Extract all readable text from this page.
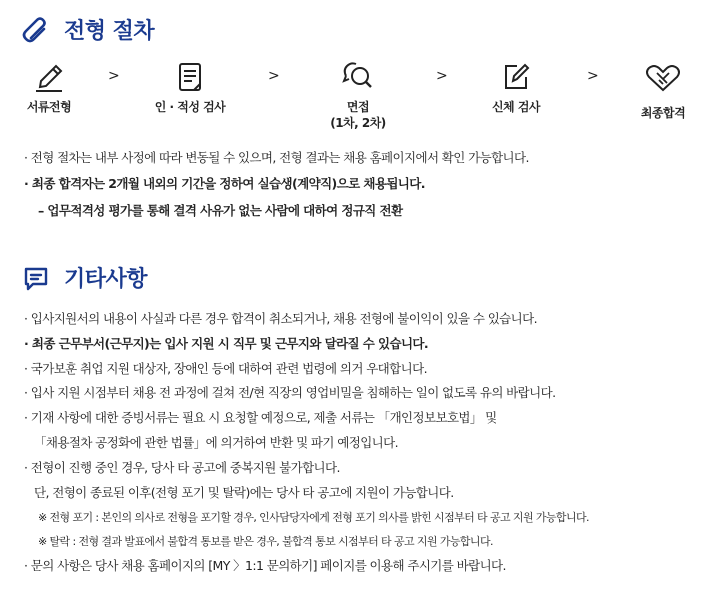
전형 절차
서류전형
>
인 · 적성 검사
>
면접
(1차, 2차)
>
신체 검사
>
최종합격
· 전형 절차는 내부 사정에 따라 변동될 수 있으며, 전형 결과는 채용 홈페이지에서 확인 가능합니다.
· 최종 합격자는 2개월 내외의 기간을 정하여 실습생(계약직)으로 채용됩니다.
– 업무적격성 평가를 통해 결격 사유가 없는 사람에 대하여 정규직 전환
기타사항
· 입사지원서의 내용이 사실과 다른 경우 합격이 취소되거나, 채용 전형에 불이익이 있을 수 있습니다.
· 최종 근무부서(근무지)는 입사 지원 시 직무 및 근무지와 달라질 수 있습니다.
· 국가보훈 취업 지원 대상자, 장애인 등에 대하여 관련 법령에 의거 우대합니다.
· 입사 지원 시점부터 채용 전 과정에 걸쳐 전/현 직장의 영업비밀을 침해하는 일이 없도록 유의 바랍니다.
· 기재 사항에 대한 증빙서류는 필요 시 요청할 예정으로, 제출 서류는 「개인정보보호법」 및
「채용절차 공정화에 관한 법률」에 의거하여 반환 및 파기 예정입니다.
· 전형이 진행 중인 경우, 당사 타 공고에 중복지원 불가합니다.
단, 전형이 종료된 이후(전형 포기 및 탈락)에는 당사 타 공고에 지원이 가능합니다.
※ 전형 포기 : 본인의 의사로 전형을 포기할 경우, 인사담당자에게 전형 포기 의사를 밝힌 시점부터 타 공고 지원 가능합니다.
※ 탈락 : 전형 결과 발표에서 불합격 통보를 받은 경우, 불합격 통보 시점부터 타 공고 지원 가능합니다.
· 문의 사항은 당사 채용 홈페이지의 [MY 〉1:1 문의하기] 페이지를 이용해 주시기를 바랍니다.
